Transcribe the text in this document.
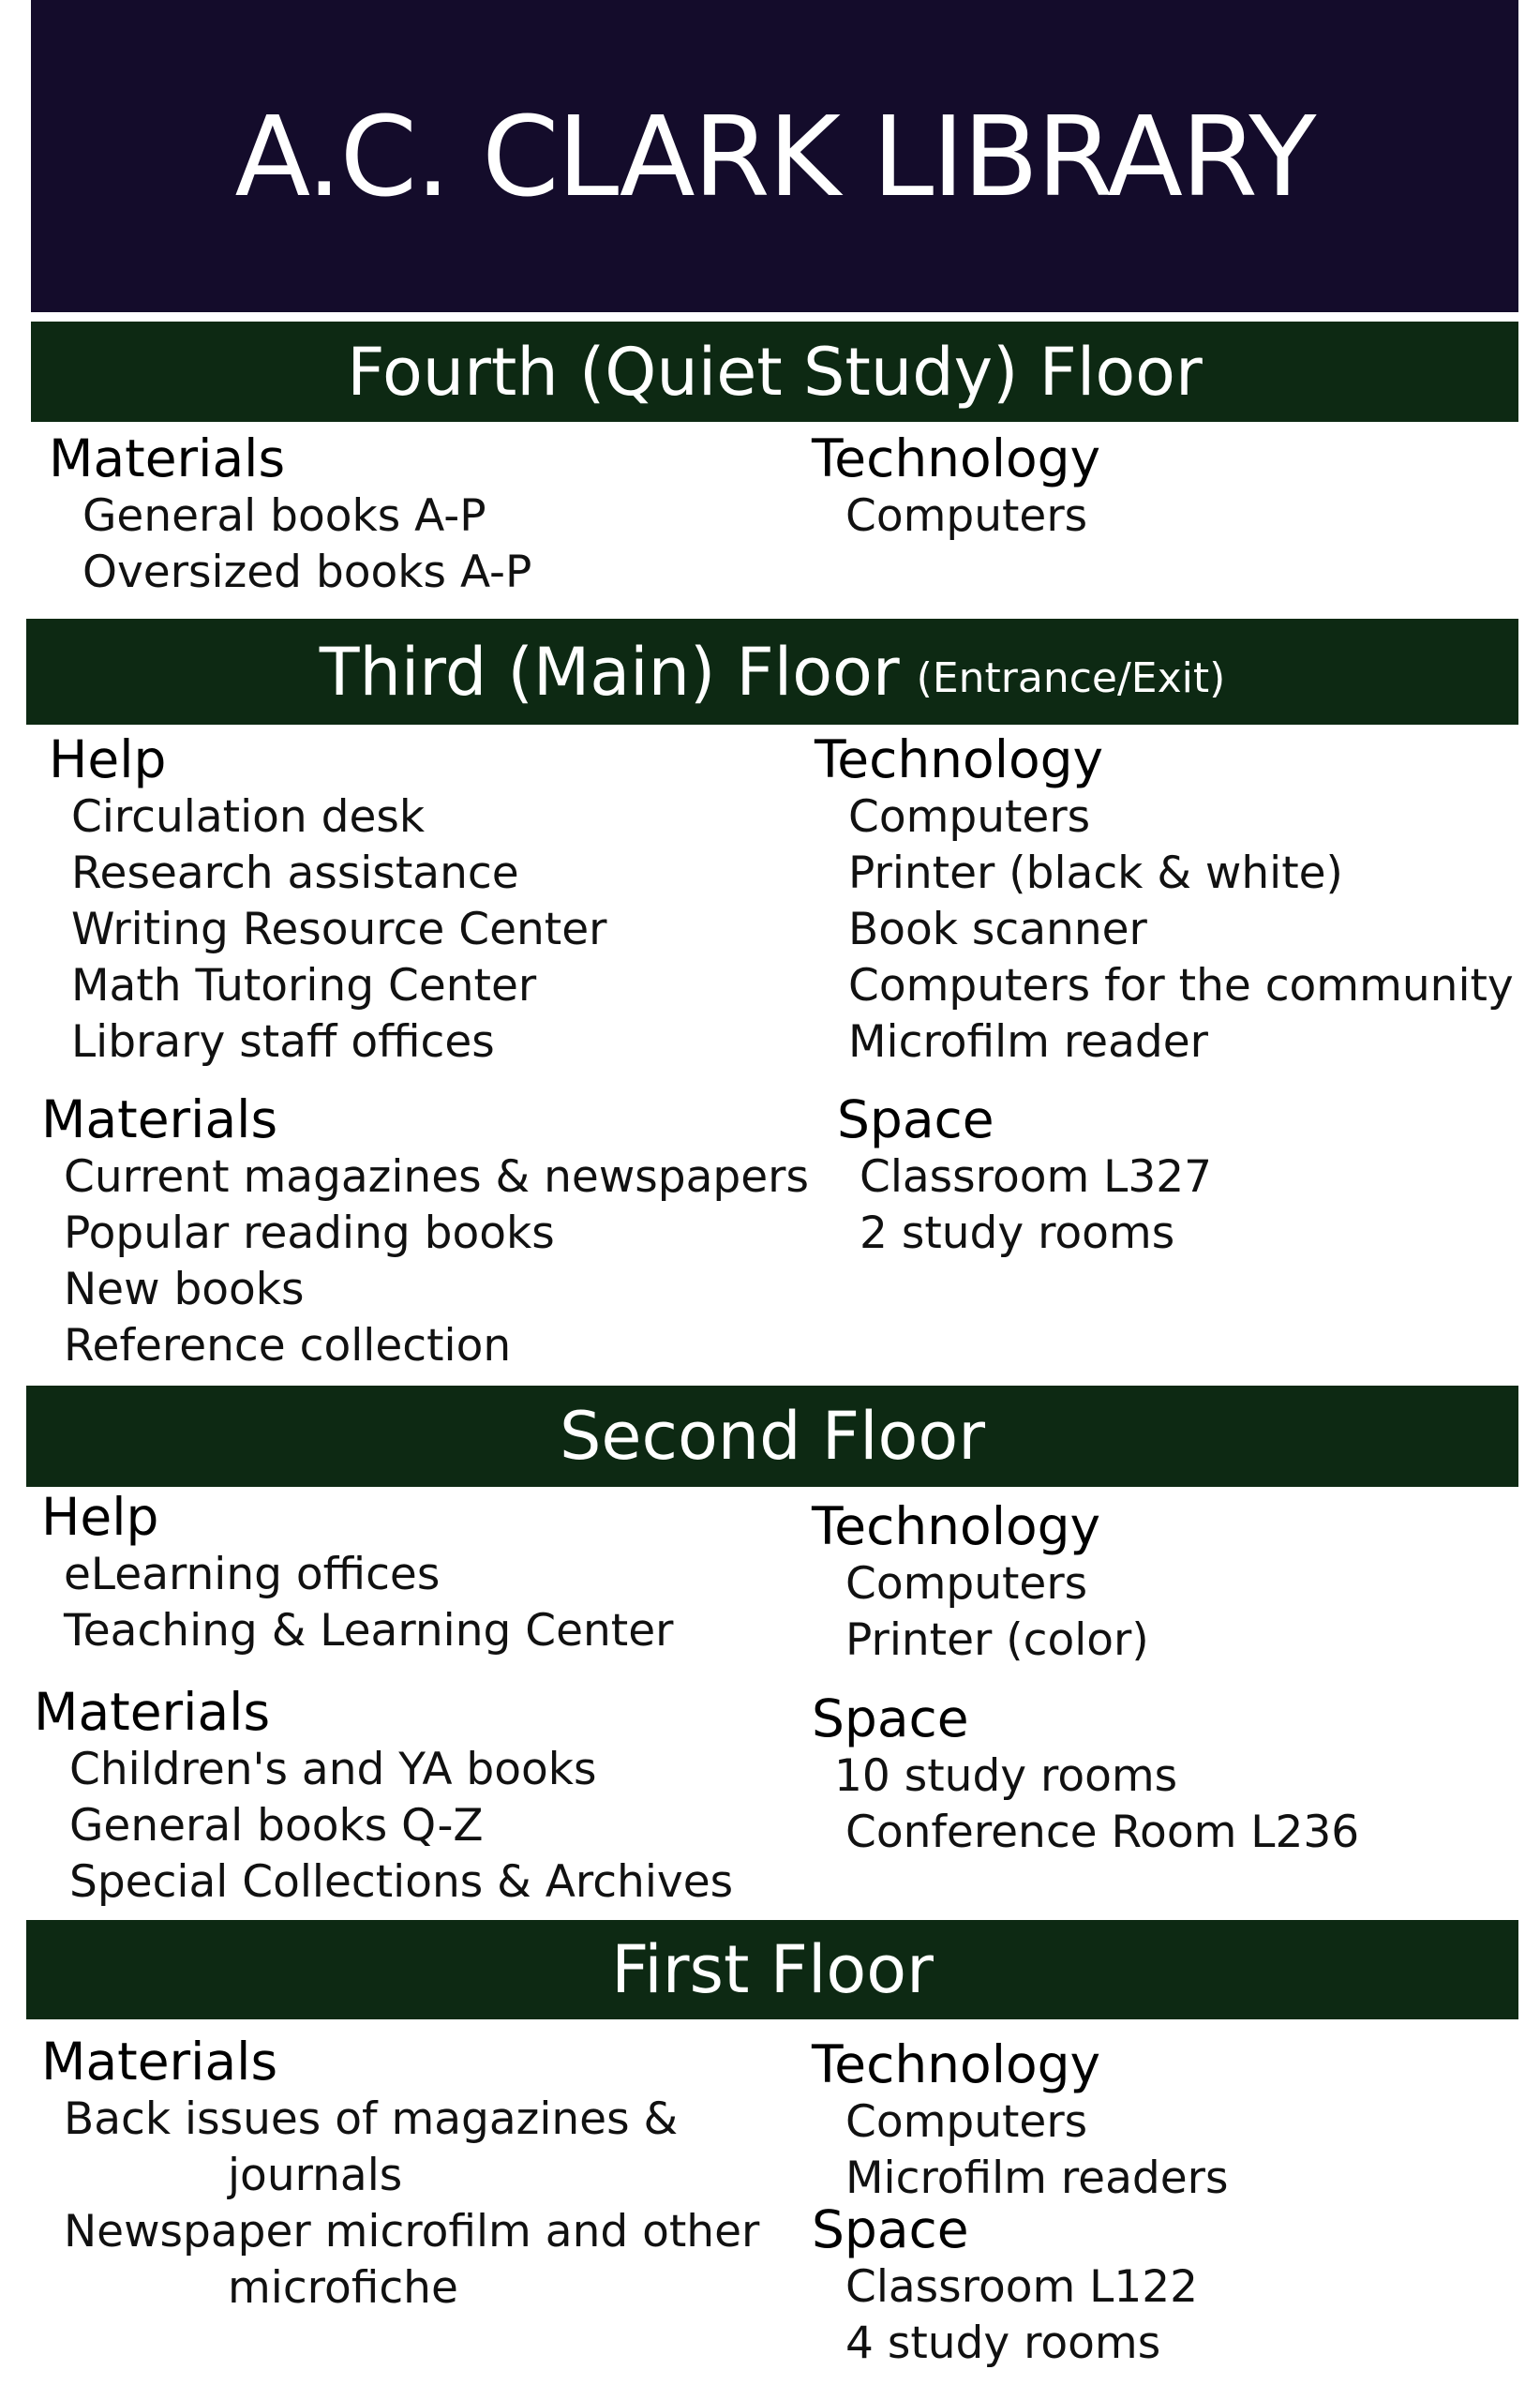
A.C. CLARK LIBRARY
Fourth (Quiet Study) Floor
Materials
General books A-P
Oversized books A-P
Technology
Computers
Third (Main) Floor (Entrance/Exit)
Help
Circulation desk
Research assistance
Writing Resource Center
Math Tutoring Center
Library staff offices
Technology
Computers
Printer (black & white)
Book scanner
Computers for the community
Microfilm reader
Materials
Current magazines & newspapers
Popular reading books
New books
Reference collection
Space
Classroom L327
2 study rooms
Second Floor
Help
eLearning offices
Teaching & Learning Center
Technology
Computers
Printer (color)
Materials
Children's and YA books
General books Q-Z
Special Collections & Archives
Space
10 study rooms
Conference Room L236
First Floor
Materials
Back issues of magazines &
journals
Newspaper microfilm and other
microfiche
Technology
Computers
Microfilm readers
Space
Classroom L122
4 study rooms
